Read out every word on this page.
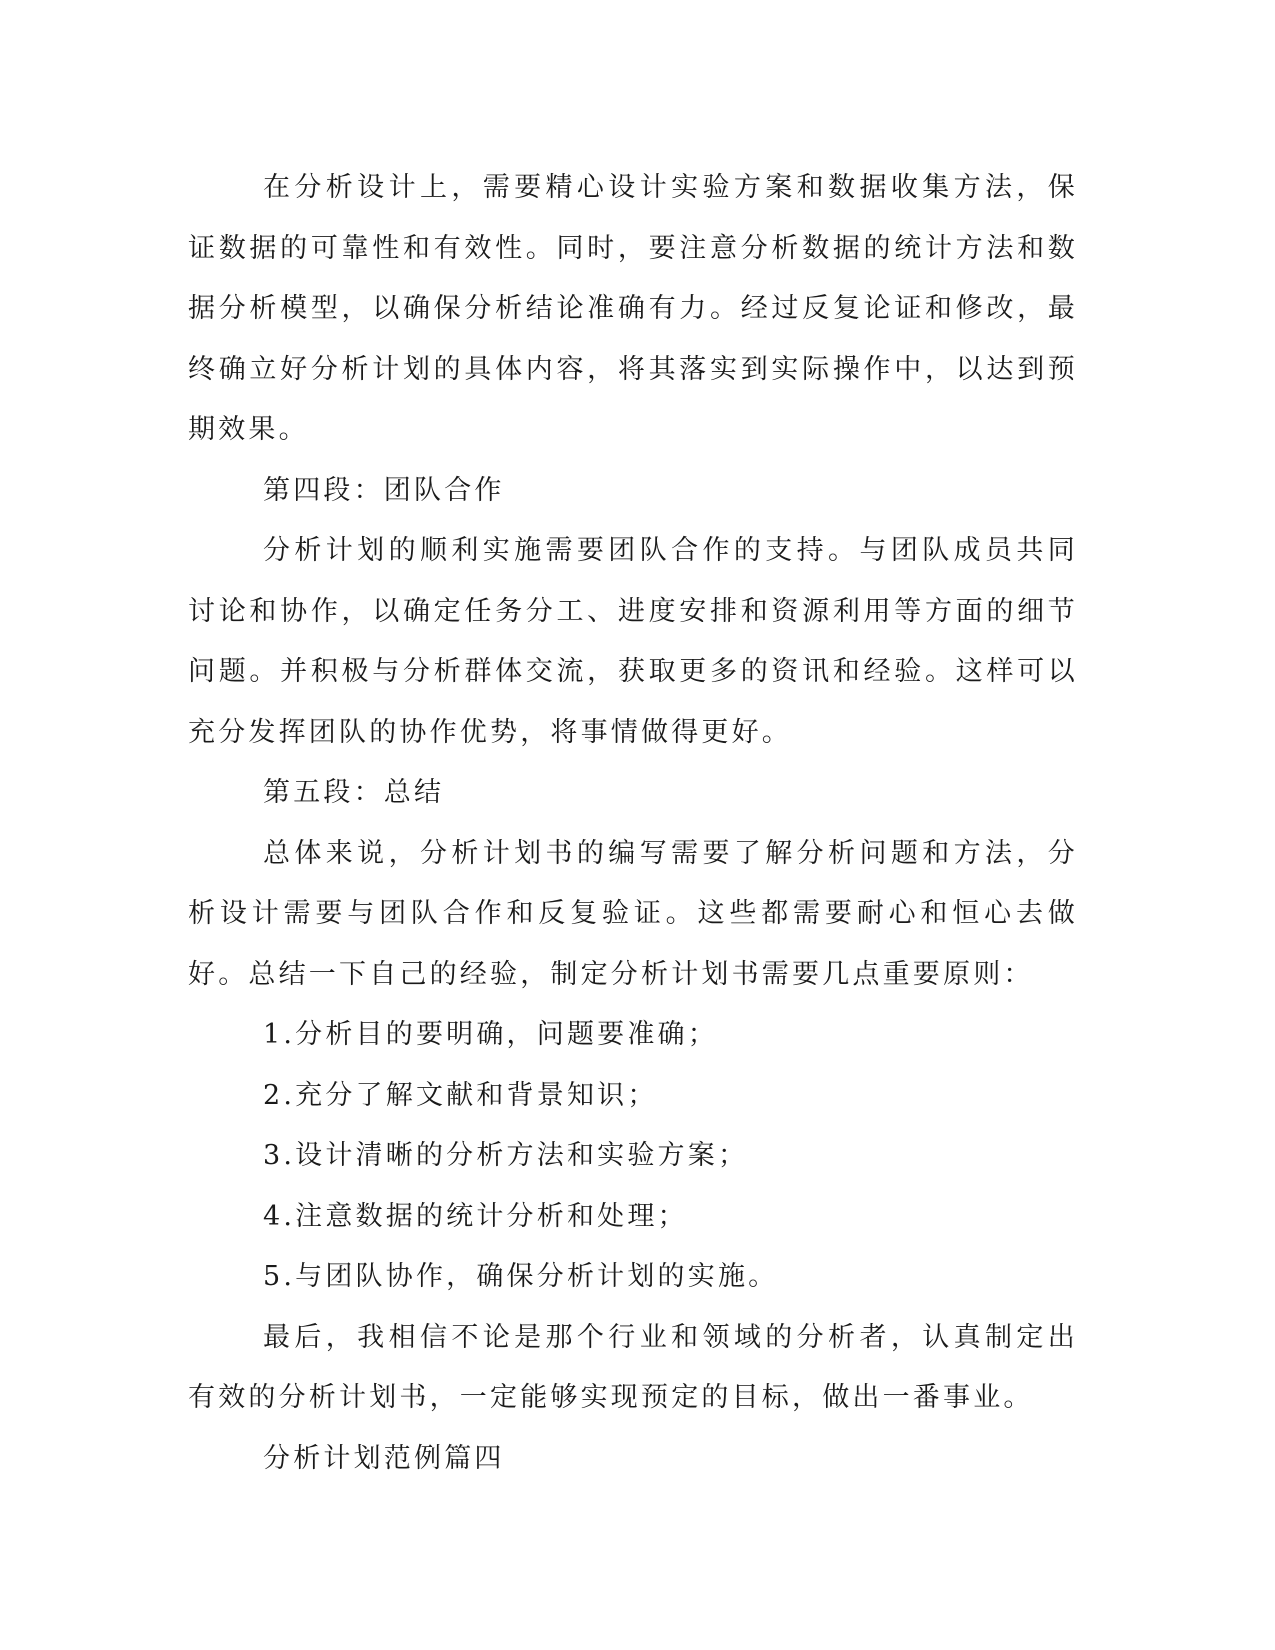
在分析设计上，需要精心设计实验方案和数据收集方法，保证数据的可靠性和有效性。同时，要注意分析数据的统计方法和数据分析模型，以确保分析结论准确有力。经过反复论证和修改，最终确立好分析计划的具体内容，将其落实到实际操作中，以达到预期效果。

第四段：团队合作

分析计划的顺利实施需要团队合作的支持。与团队成员共同讨论和协作，以确定任务分工、进度安排和资源利用等方面的细节问题。并积极与分析群体交流，获取更多的资讯和经验。这样可以充分发挥团队的协作优势，将事情做得更好。

第五段：总结

总体来说，分析计划书的编写需要了解分析问题和方法，分析设计需要与团队合作和反复验证。这些都需要耐心和恒心去做好。总结一下自己的经验，制定分析计划书需要几点重要原则：

1.分析目的要明确，问题要准确；

2.充分了解文献和背景知识；

3.设计清晰的分析方法和实验方案；

4.注意数据的统计分析和处理；

5.与团队协作，确保分析计划的实施。

最后，我相信不论是那个行业和领域的分析者，认真制定出有效的分析计划书，一定能够实现预定的目标，做出一番事业。

分析计划范例篇四
